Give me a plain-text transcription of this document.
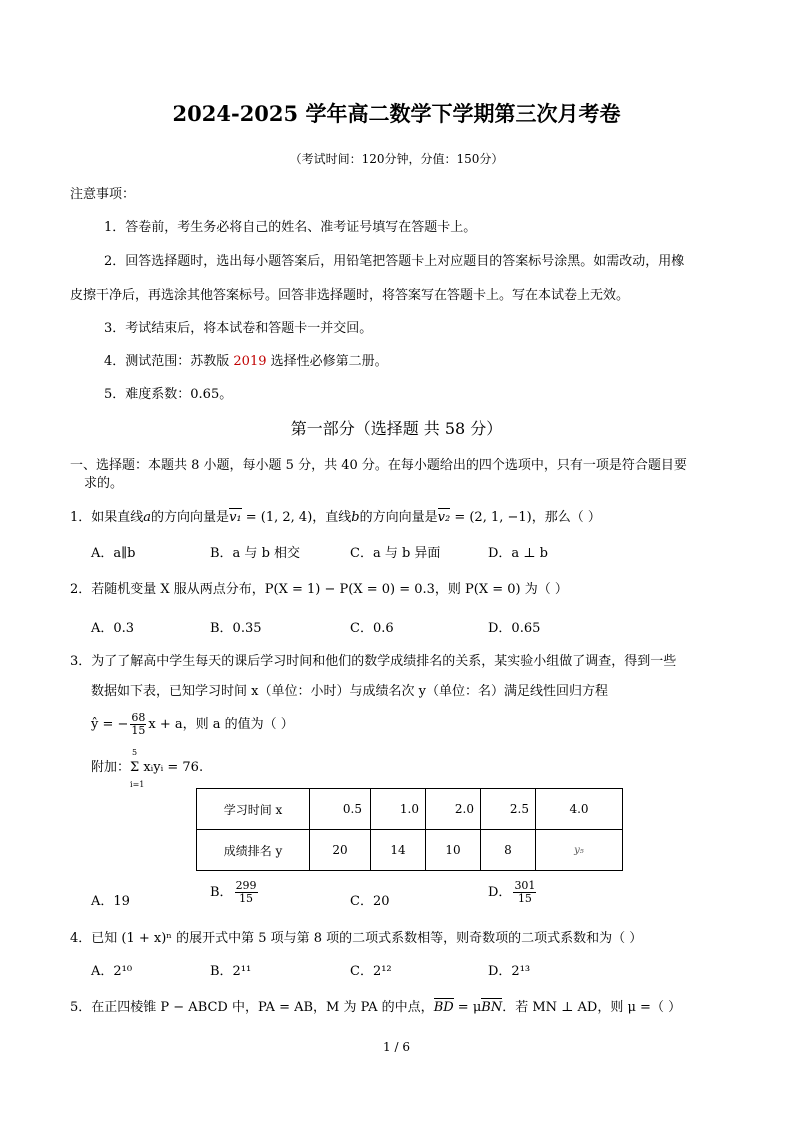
2024-2025 学年高二数学下学期第三次月考卷
（考试时间：120分钟，分值：150分）
注意事项：
1．答卷前，考生务必将自己的姓名、准考证号填写在答题卡上。
2．回答选择题时，选出每小题答案后，用铅笔把答题卡上对应题目的答案标号涂黑。如需改动，用橡
皮擦干净后，再选涂其他答案标号。回答非选择题时，将答案写在答题卡上。写在本试卷上无效。
3．考试结束后，将本试卷和答题卡一并交回。
4．测试范围：苏教版 2019 选择性必修第二册。
5．难度系数：0.65。
第一部分（选择题 共 58 分）
一、选择题：本题共 8 小题，每小题 5 分，共 40 分。在每小题给出的四个选项中，只有一项是符合题目要
求的。
1．如果直线a的方向向量是v₁ = (1, 2, 4)，直线b的方向向量是v₂ = (2, 1, −1)，那么（ ）
A．a∥b	B．a 与 b 相交	C．a 与 b 异面	D．a ⊥ b
2．若随机变量 X 服从两点分布，P(X = 1) − P(X = 0) = 0.3，则 P(X = 0) 为（ ）
A．0.3	B．0.35	C．0.6	D．0.65
3．为了了解高中学生每天的课后学习时间和他们的数学成绩排名的关系，某实验小组做了调查，得到一些
数据如下表，已知学习时间 x（单位：小时）与成绩名次 y（单位：名）满足线性回归方程
ŷ = − $\frac{68}{15}$ x + a，则 a 的值为（ ）
附加：
5
Σ xᵢyᵢ = 76
i=1
.
学习时间 x	0.5	1.0	2.0	2.5	4.0
成绩排名 y	20	14	10	8	y₅
A．19
B． $\frac{299}{15}$	C．20
D． $\frac{301}{15}$
4．已知 (1 + x)ⁿ 的展开式中第 5 项与第 8 项的二项式系数相等，则奇数项的二项式系数和为（ ）
A．2¹⁰	B．2¹¹	C．2¹²	D．2¹³
5．在正四棱锥 P − ABCD 中，PA = AB，M 为 PA 的中点，BD = μBN．若 MN ⊥ AD，则 μ =（ ）
1 / 6
